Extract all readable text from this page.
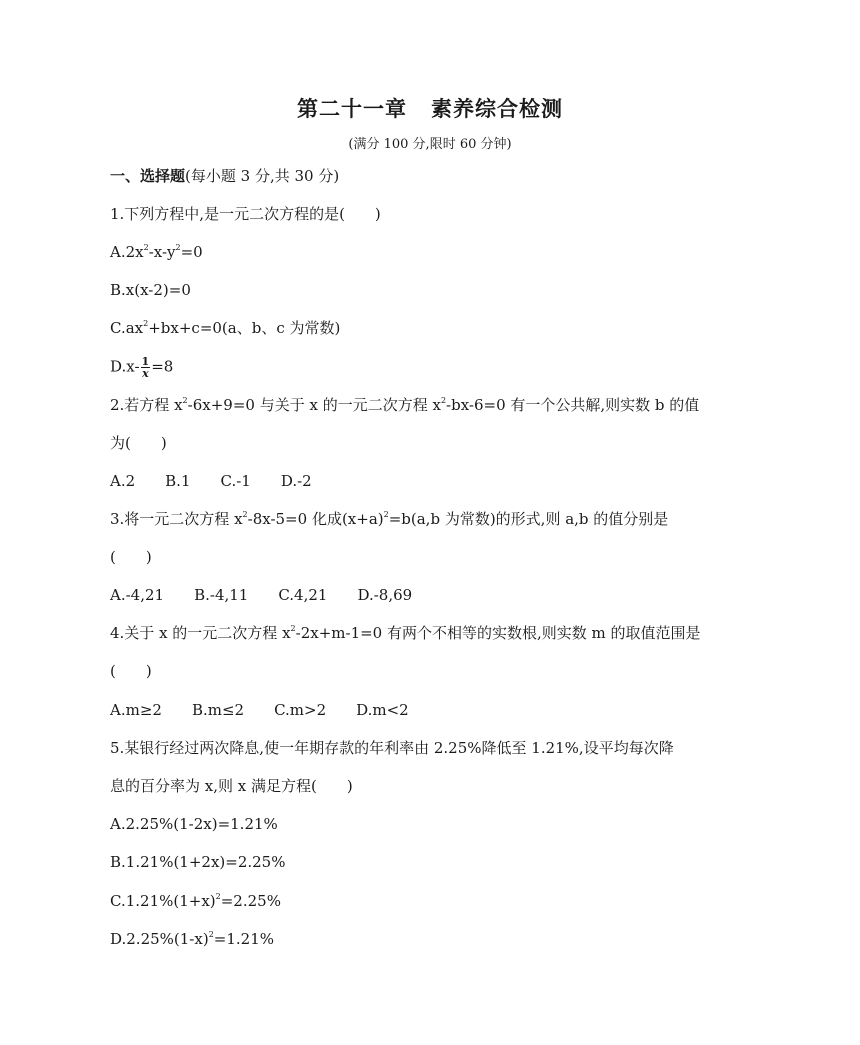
第二十一章 素养综合检测
(满分 100 分,限时 60 分钟)
一、选择题(每小题 3 分,共 30 分)
1.下列方程中,是一元二次方程的是(　　)
$A.2x^2-x-y^2=0$
B.x(x-2)=0
$C.ax^2+bx+c=0(a$、b、c 为常数)
$D.x- \frac{1}{x} =8$
2.若方程 $x^2-6x+9=0$ 与关于 x 的一元二次方程 $x^2-bx-6=0$ 有一个公共解,则实数 b 的值
为(　　)
A.2 B.1 C.-1 D.-2
3.将一元二次方程 $x^2-8x-5=0$ 化成$(x+a)^2=b(a,b$ 为常数)的形式,则 a,b 的值分别是
(　　)
A.-4,21 B.-4,11 C.4,21 D.-8,69
4.关于 x 的一元二次方程 $x^2-2x+m-1=0$ 有两个不相等的实数根,则实数 m 的取值范围是
(　　)
A.m≥2 B.m≤2 C.m>2 D.m<2
5.某银行经过两次降息,使一年期存款的年利率由 2.25%降低至 1.21%,设平均每次降
息的百分率为 x,则 x 满足方程(　　)
A.2.25%(1-2x)=1.21%
B.1.21%(1+2x)=2.25%
$C.1.21\%(1+x)^2=2.25\%$
$D.2.25\%(1-x)^2=1.21\%$
